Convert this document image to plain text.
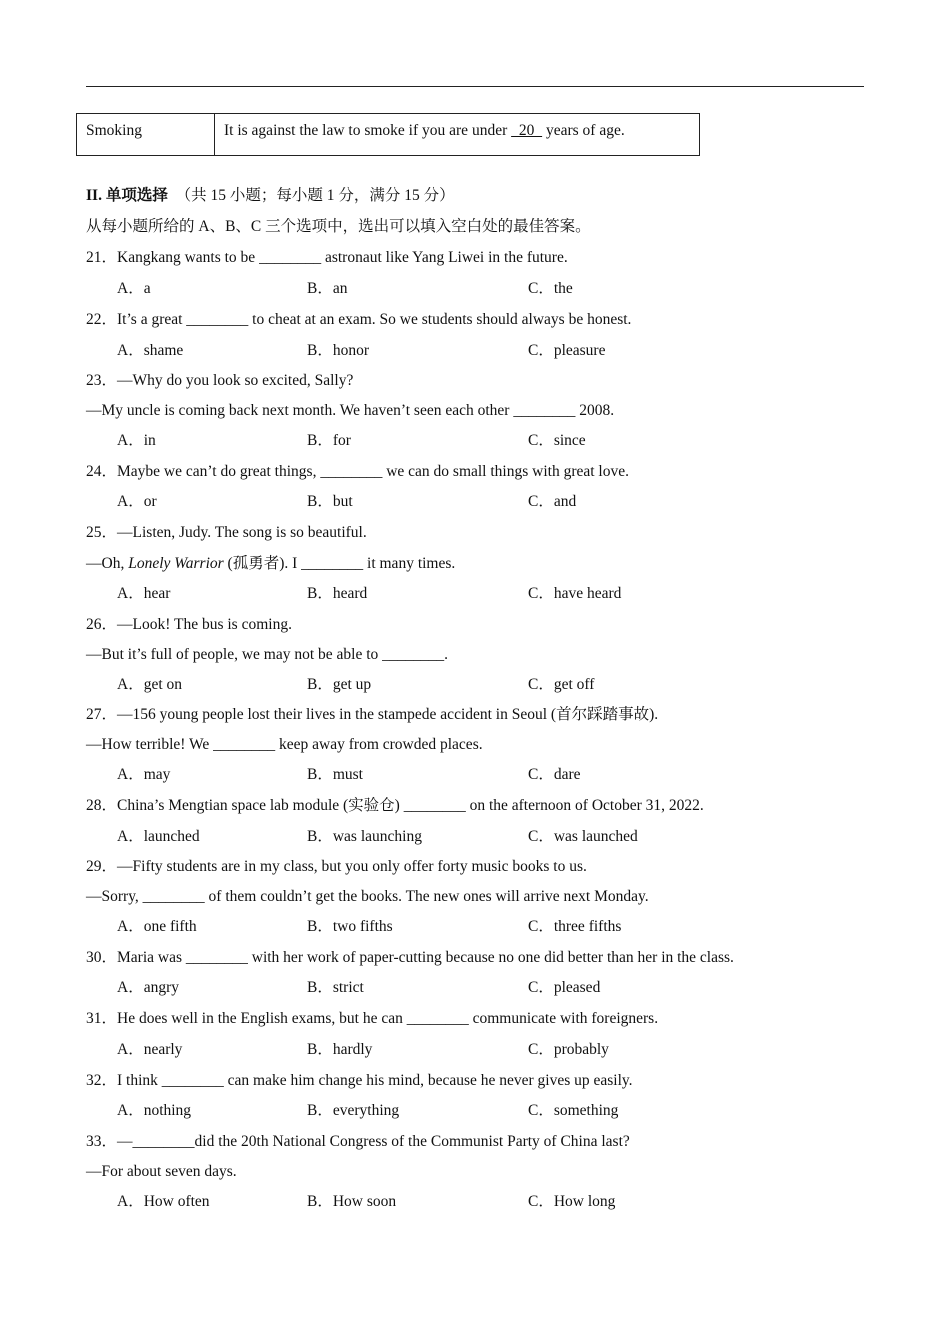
Smoking	It is against the law to smoke if you are under   20   years of age.
II. 单项选择 （共 15 小题；每小题 1 分，满分 15 分）
从每小题所给的 A、B、C 三个选项中，选出可以填入空白处的最佳答案。
21．Kangkang wants to be ________ astronaut like Yang Liwei in the future.
A．a	B．an	C．the
22．It’s a great ________ to cheat at an exam. So we students should always be honest.
A．shame	B．honor	C．pleasure
23．—Why do you look so excited, Sally?
—My uncle is coming back next month. We haven’t seen each other ________ 2008.
A．in	B．for	C．since
24．Maybe we can’t do great things, ________ we can do small things with great love.
A．or	B．but	C．and
25．—Listen, Judy. The song is so beautiful.
—Oh, Lonely Warrior (孤勇者). I ________ it many times.
A．hear	B．heard	C．have heard
26．—Look! The bus is coming.
—But it’s full of people, we may not be able to ________.
A．get on	B．get up	C．get off
27．—156 young people lost their lives in the stampede accident in Seoul (首尔踩踏事故).
—How terrible! We ________ keep away from crowded places.
A．may	B．must	C．dare
28．China’s Mengtian space lab module (实验仓) ________ on the afternoon of October 31, 2022.
A．launched	B．was launching	C．was launched
29．—Fifty students are in my class, but you only offer forty music books to us.
—Sorry, ________ of them couldn’t get the books. The new ones will arrive next Monday.
A．one fifth	B．two fifths	C．three fifths
30．Maria was ________ with her work of paper-cutting because no one did better than her in the class.
A．angry	B．strict	C．pleased
31．He does well in the English exams, but he can ________ communicate with foreigners.
A．nearly	B．hardly	C．probably
32．I think ________ can make him change his mind, because he never gives up easily.
A．nothing	B．everything	C．something
33．—________did the 20th National Congress of the Communist Party of China last?
—For about seven days.
A．How often	B．How soon	C．How long
